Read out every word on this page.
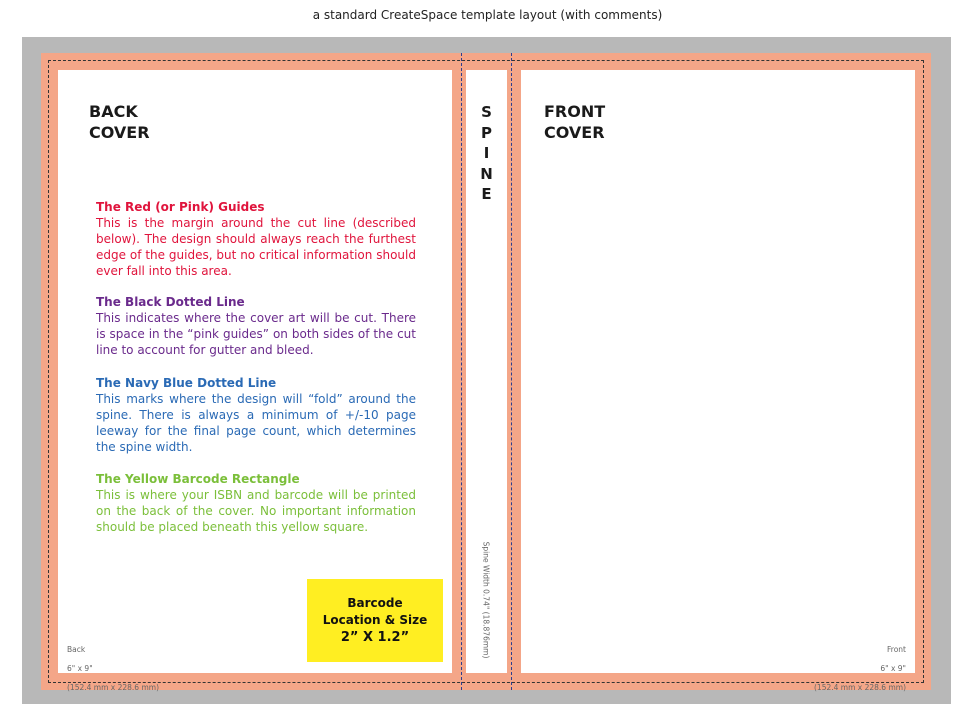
a standard CreateSpace template layout (with comments)
BACK
COVER
FRONT
COVER
S
P
I
N
E
The Red (or Pink) Guides
This is the margin around the cut line (described below). The design should always reach the furthest edge of the guides, but no critical information should ever fall into this area.
The Black Dotted Line
This indicates where the cover art will be cut. There is space in the “pink guides” on both sides of the cut line to account for gutter and bleed.
The Navy Blue Dotted Line
This marks where the design will “fold” around the spine. There is always a minimum of +/-10 page leeway for the final page count, which determines the spine width.
The Yellow Barcode Rectangle
This is where your ISBN and barcode will be printed on the back of the cover. No important information should be placed beneath this yellow square.
Barcode
Location & Size
2” X 1.2”	Spine Width 0.74" (18.876mm)

Back

6" x 9"

(152.4 mm x 228.6 mm)

Front

6" x 9"

(152.4 mm x 228.6 mm)
